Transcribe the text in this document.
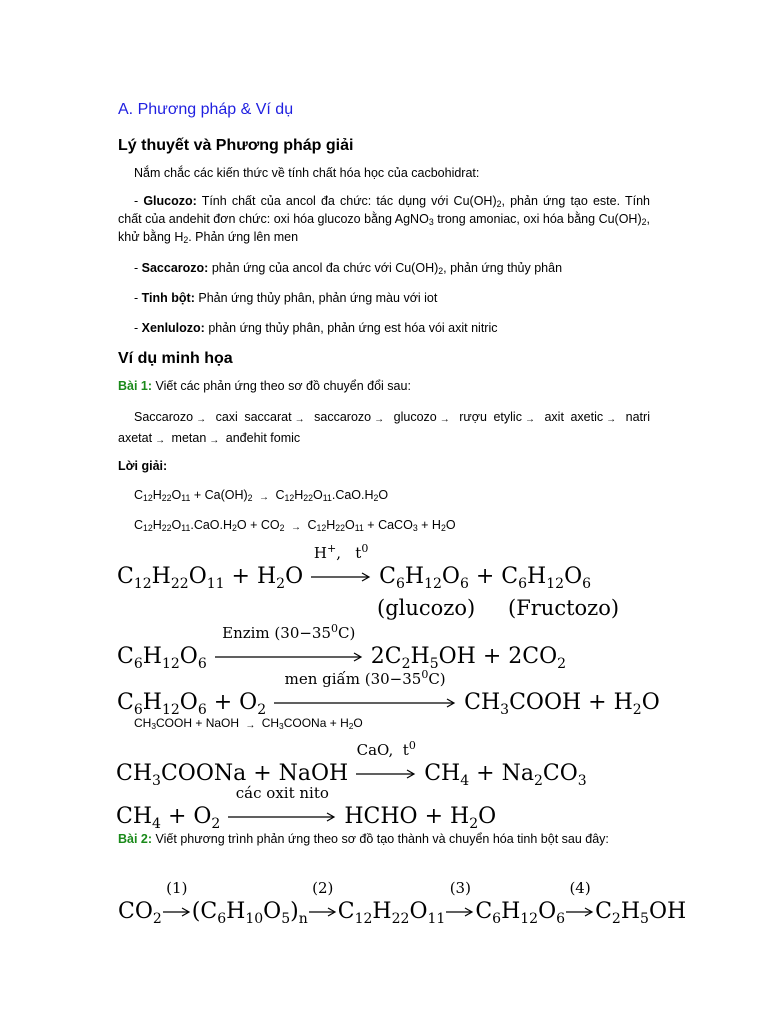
A. Phương pháp & Ví dụ
Lý thuyết và Phương pháp giải
Nắm chắc các kiến thức về tính chất hóa học của cacbohidrat:
- Glucozo: Tính chất của ancol đa chức: tác dụng với $Cu(OH)_2$, phản ứng tạo este. Tính chất của andehit đơn chức: oxi hóa glucozo bằng AgNO$_3$ trong amoniac, oxi hóa bằng $Cu(OH)_2$, khử bằng $H_2$. Phản ứng lên men
- Saccarozo: phản ứng của ancol đa chức với $Cu(OH)_2$, phản ứng thủy phân
- Tinh bột: Phản ứng thủy phân, phản ứng màu với iot
- Xenlulozo: phản ứng thủy phân, phản ứng est hóa vói axit nitric
Ví dụ minh họa
Bài 1: Viết các phản ứng theo sơ đồ chuyển đổi sau:
Saccarozo → caxi saccarat → saccarozo → glucozo → rượu etylic → axit axetic → natri axetat → metan → anđehit fomic
Lời giải:
$C_{12}H_{22}O_{11} + Ca(OH)_2 \to C_{12}H_{22}O_{11}.CaO.H_2O$
$C_{12}H_{22}O_{11}.CaO.H_2O + CO_2 \to C_{12}H_{22}O_{11}$ + CaCO$_3$ + $H_2O$
$C_{12}H_{22}O_{11} + H_2O$
H+,   $t^0$
$C_6H_{12}O_6 + C_6H_{12}O_6$
(glucozo) (Fructozo)
$C_6H_{12}O_6$
Enzim $(30-35^0C)$
$2C_2H_5OH + 2CO_2$
$C_6H_{12}O_6 + O_2$
men giấm $(30-35^0C)$
$CH_3COOH + H_2O$
$CH_3COOH$ + NaOH → $CH_3COONa + H_2O$
$CH_3COONa$ + NaOH
CaO,  $t^0$
$CH_4 + Na_2CO_3$
$CH_4 + O_2$
các oxit nito
HCHO + $H_2O$
Bài 2: Viết phương trình phản ứng theo sơ đồ tạo thành và chuyển hóa tinh bột sau đây:
$CO_2$
(1)
$(C_6H_{10}O_5)_n$
(2)
$C_{12}H_{22}O_{11}$
(3)
$C_6H_{12}O_6$
(4)
$C_2H_5OH$
